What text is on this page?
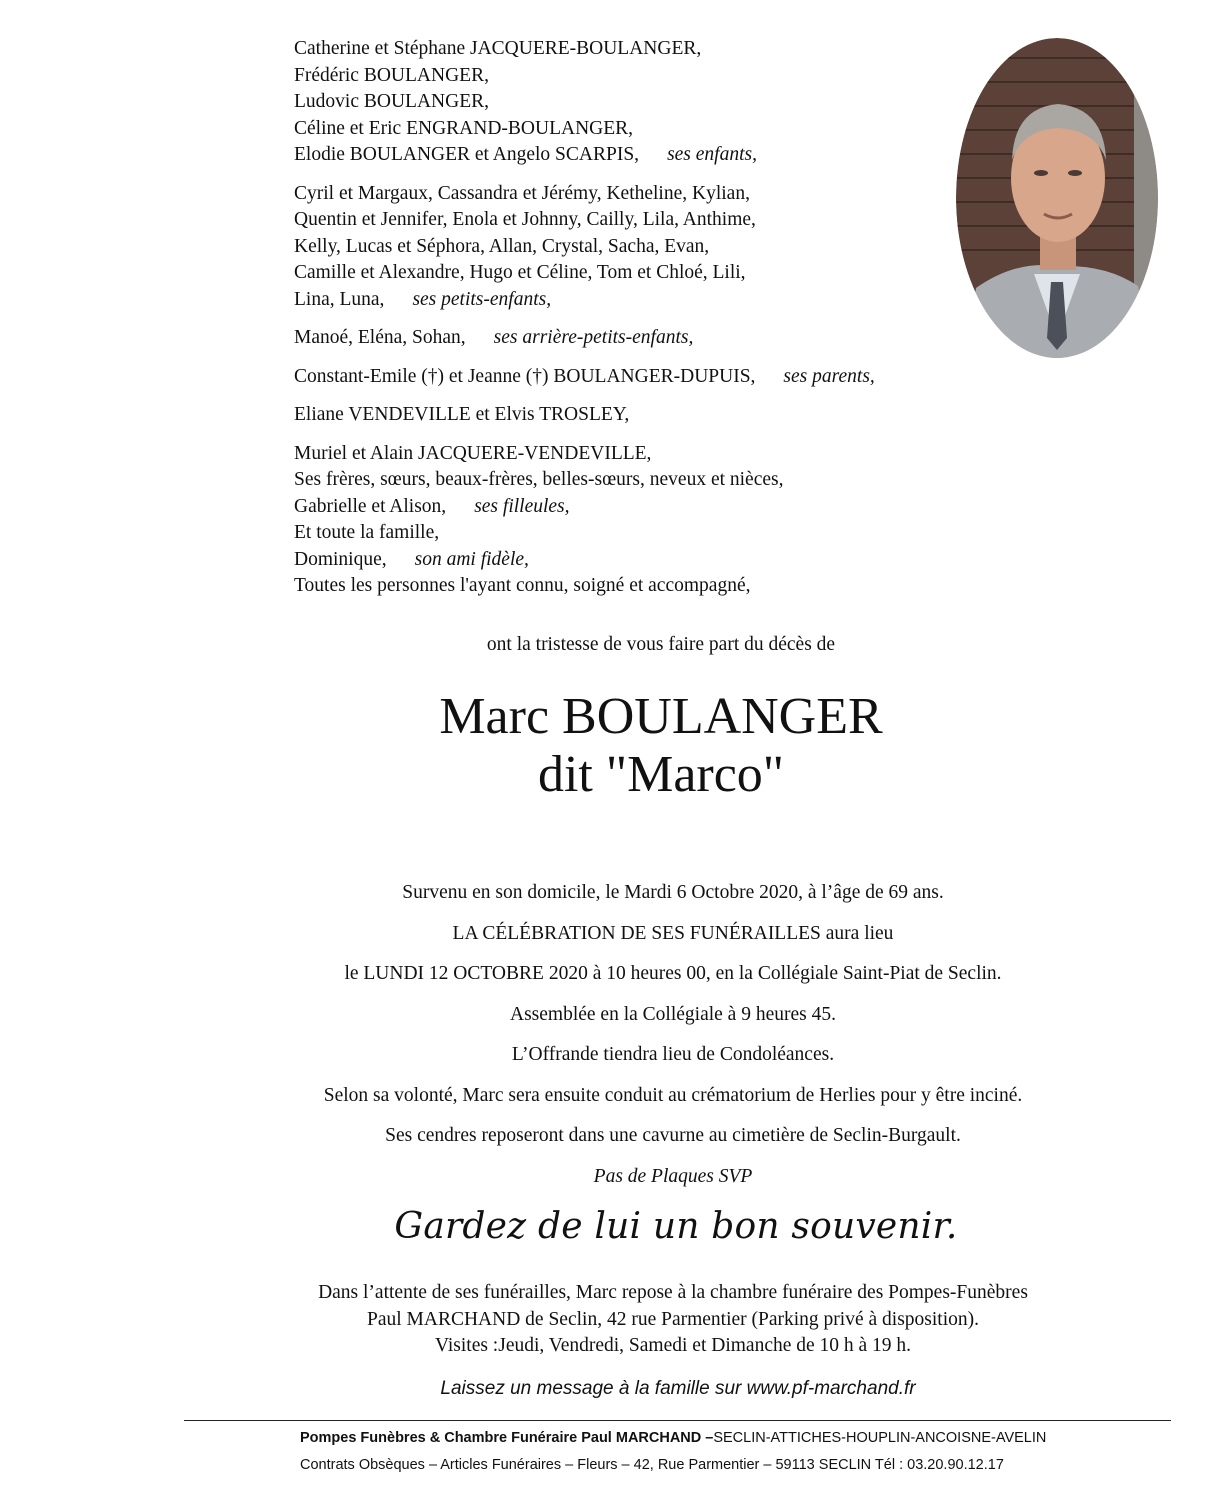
Catherine et Stéphane JACQUERE-BOULANGER,
Frédéric BOULANGER,
Ludovic BOULANGER,
Céline et Eric ENGRAND-BOULANGER,
Elodie BOULANGER et Angelo SCARPIS, ses enfants,
Cyril et Margaux, Cassandra et Jérémy, Ketheline, Kylian,
Quentin et Jennifer, Enola et Johnny, Cailly, Lila, Anthime,
Kelly, Lucas et Séphora, Allan, Crystal, Sacha, Evan,
Camille et Alexandre, Hugo et Céline, Tom et Chloé, Lili,
Lina, Luna, ses petits-enfants,
Manoé, Eléna, Sohan, ses arrière-petits-enfants,
Constant-Emile (†) et Jeanne (†) BOULANGER-DUPUIS, ses parents,
Eliane VENDEVILLE et Elvis TROSLEY,
Muriel et Alain JACQUERE-VENDEVILLE,
Ses frères, sœurs, beaux-frères, belles-sœurs, neveux et nièces,
Gabrielle et Alison, ses filleules,
Et toute la famille,
Dominique, son ami fidèle,
Toutes les personnes l'ayant connu, soigné et accompagné,
ont la tristesse de vous faire part du décès de
Marc BOULANGER
dit "Marco"
Survenu en son domicile, le Mardi 6 Octobre 2020, à l’âge de 69 ans.
LA CÉLÉBRATION DE SES FUNÉRAILLES aura lieu
le LUNDI 12 OCTOBRE 2020 à 10 heures 00, en la Collégiale Saint-Piat de Seclin.
Assemblée en la Collégiale à 9 heures 45.
L’Offrande tiendra lieu de Condoléances.
Selon sa volonté, Marc sera ensuite conduit au crématorium de Herlies pour y être inciné.
Ses cendres reposeront dans une cavurne au cimetière de Seclin-Burgault.
Pas de Plaques SVP
Gardez de lui un bon souvenir.
Dans l’attente de ses funérailles, Marc repose à la chambre funéraire des Pompes-Funèbres
Paul MARCHAND de Seclin, 42 rue Parmentier (Parking privé à disposition).
Visites :Jeudi, Vendredi, Samedi et Dimanche de 10 h à 19 h.
Laissez un message à la famille sur www.pf-marchand.fr
Pompes Funèbres & Chambre Funéraire Paul MARCHAND –SECLIN-ATTICHES-HOUPLIN-ANCOISNE-AVELIN
Contrats Obsèques – Articles Funéraires – Fleurs – 42, Rue Parmentier – 59113 SECLIN Tél : 03.20.90.12.17
